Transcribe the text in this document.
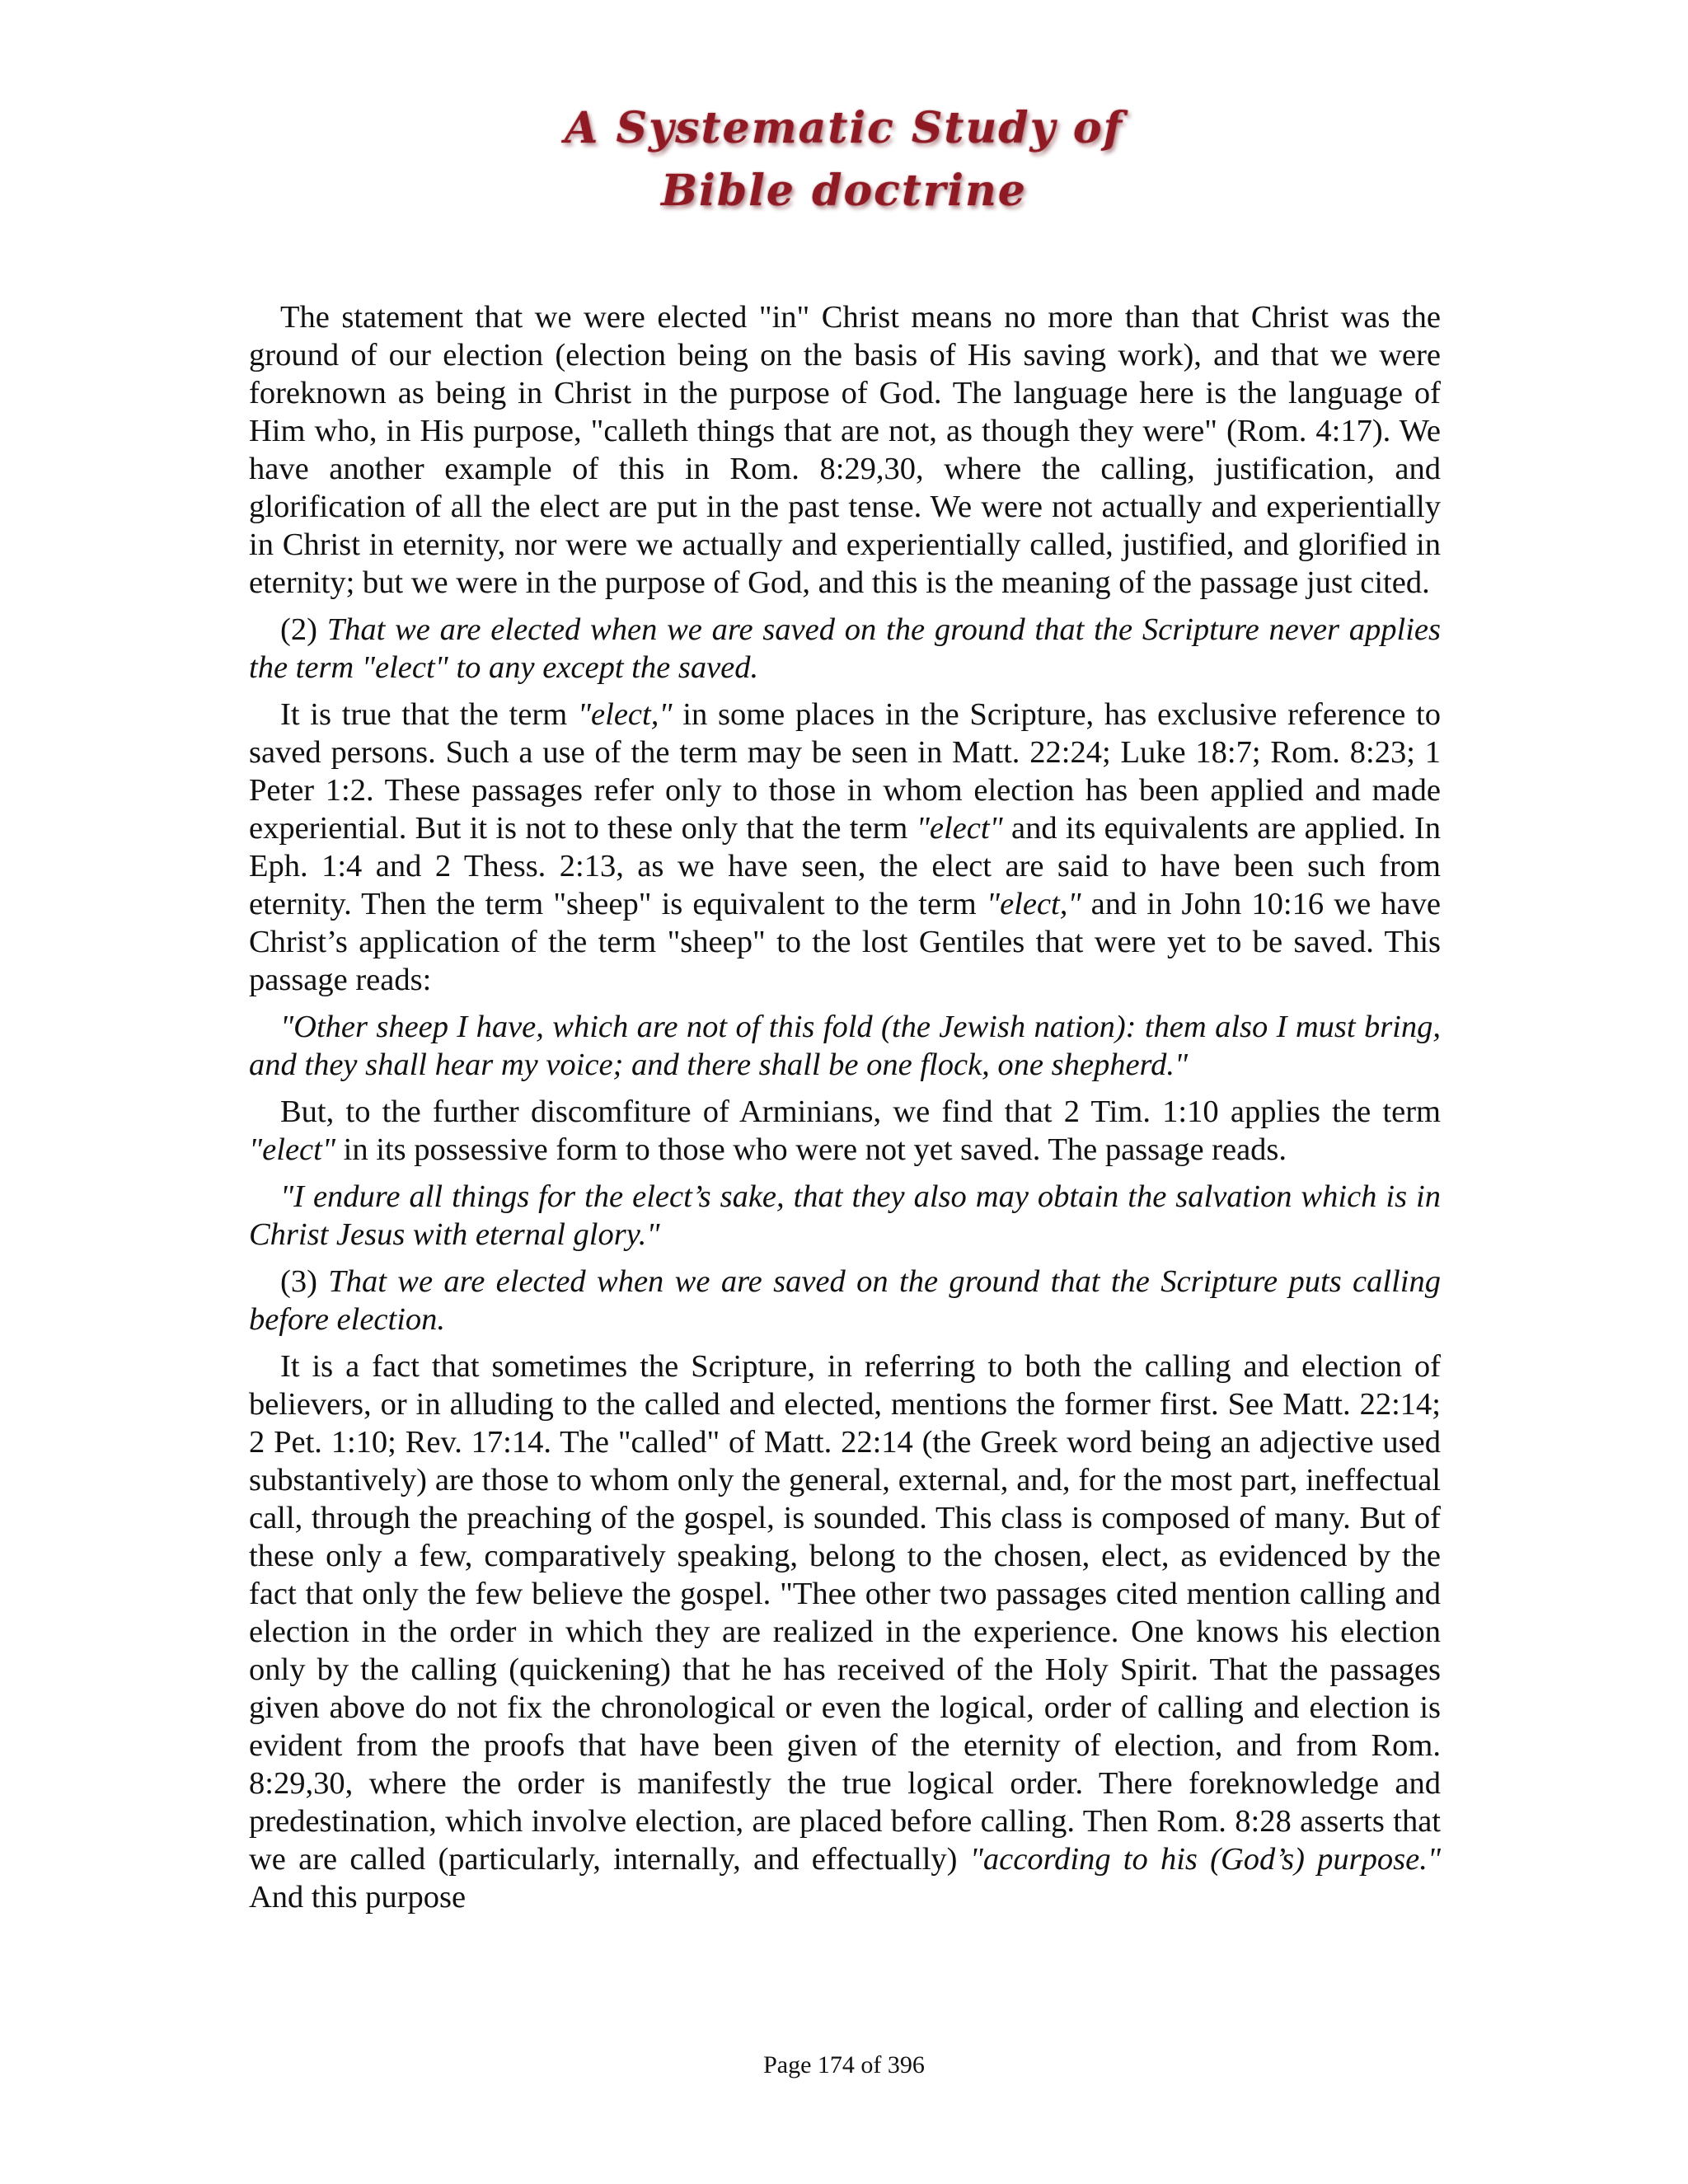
A Systematic Study of
Bible doctrine

The statement that we were elected "in" Christ means no more than that Christ was the ground of our election (election being on the basis of His saving work), and that we were foreknown as being in Christ in the purpose of God. The language here is the language of Him who, in His purpose, "calleth things that are not, as though they were" (Rom. 4:17). We have another example of this in Rom. 8:29,30, where the calling, justification, and glorification of all the elect are put in the past tense. We were not actually and experientially in Christ in eternity, nor were we actually and experientially called, justified, and glorified in eternity; but we were in the purpose of God, and this is the meaning of the passage just cited.

(2) That we are elected when we are saved on the ground that the Scripture never applies the term "elect" to any except the saved.

It is true that the term "elect," in some places in the Scripture, has exclusive reference to saved persons. Such a use of the term may be seen in Matt. 22:24; Luke 18:7; Rom. 8:23; 1 Peter 1:2. These passages refer only to those in whom election has been applied and made experiential. But it is not to these only that the term "elect" and its equivalents are applied. In Eph. 1:4 and 2 Thess. 2:13, as we have seen, the elect are said to have been such from eternity. Then the term "sheep" is equivalent to the term "elect," and in John 10:16 we have Christ’s application of the term "sheep" to the lost Gentiles that were yet to be saved. This passage reads:

"Other sheep I have, which are not of this fold (the Jewish nation): them also I must bring, and they shall hear my voice; and there shall be one flock, one shepherd."

But, to the further discomfiture of Arminians, we find that 2 Tim. 1:10 applies the term "elect" in its possessive form to those who were not yet saved. The passage reads.

"I endure all things for the elect’s sake, that they also may obtain the salvation which is in Christ Jesus with eternal glory."

(3) That we are elected when we are saved on the ground that the Scripture puts calling before election.

It is a fact that sometimes the Scripture, in referring to both the calling and election of believers, or in alluding to the called and elected, mentions the former first. See Matt. 22:14; 2 Pet. 1:10; Rev. 17:14. The "called" of Matt. 22:14 (the Greek word being an adjective used substantively) are those to whom only the general, external, and, for the most part, ineffectual call, through the preaching of the gospel, is sounded. This class is composed of many. But of these only a few, comparatively speaking, belong to the chosen, elect, as evidenced by the fact that only the few believe the gospel. "Thee other two passages cited mention calling and election in the order in which they are realized in the experience. One knows his election only by the calling (quickening) that he has received of the Holy Spirit. That the passages given above do not fix the chronological or even the logical, order of calling and election is evident from the proofs that have been given of the eternity of election, and from Rom. 8:29,30, where the order is manifestly the true logical order. There foreknowledge and predestination, which involve election, are placed before calling. Then Rom. 8:28 asserts that we are called (particularly, internally, and effectually) "according to his (God’s) purpose." And this purpose

Page 174 of 396
